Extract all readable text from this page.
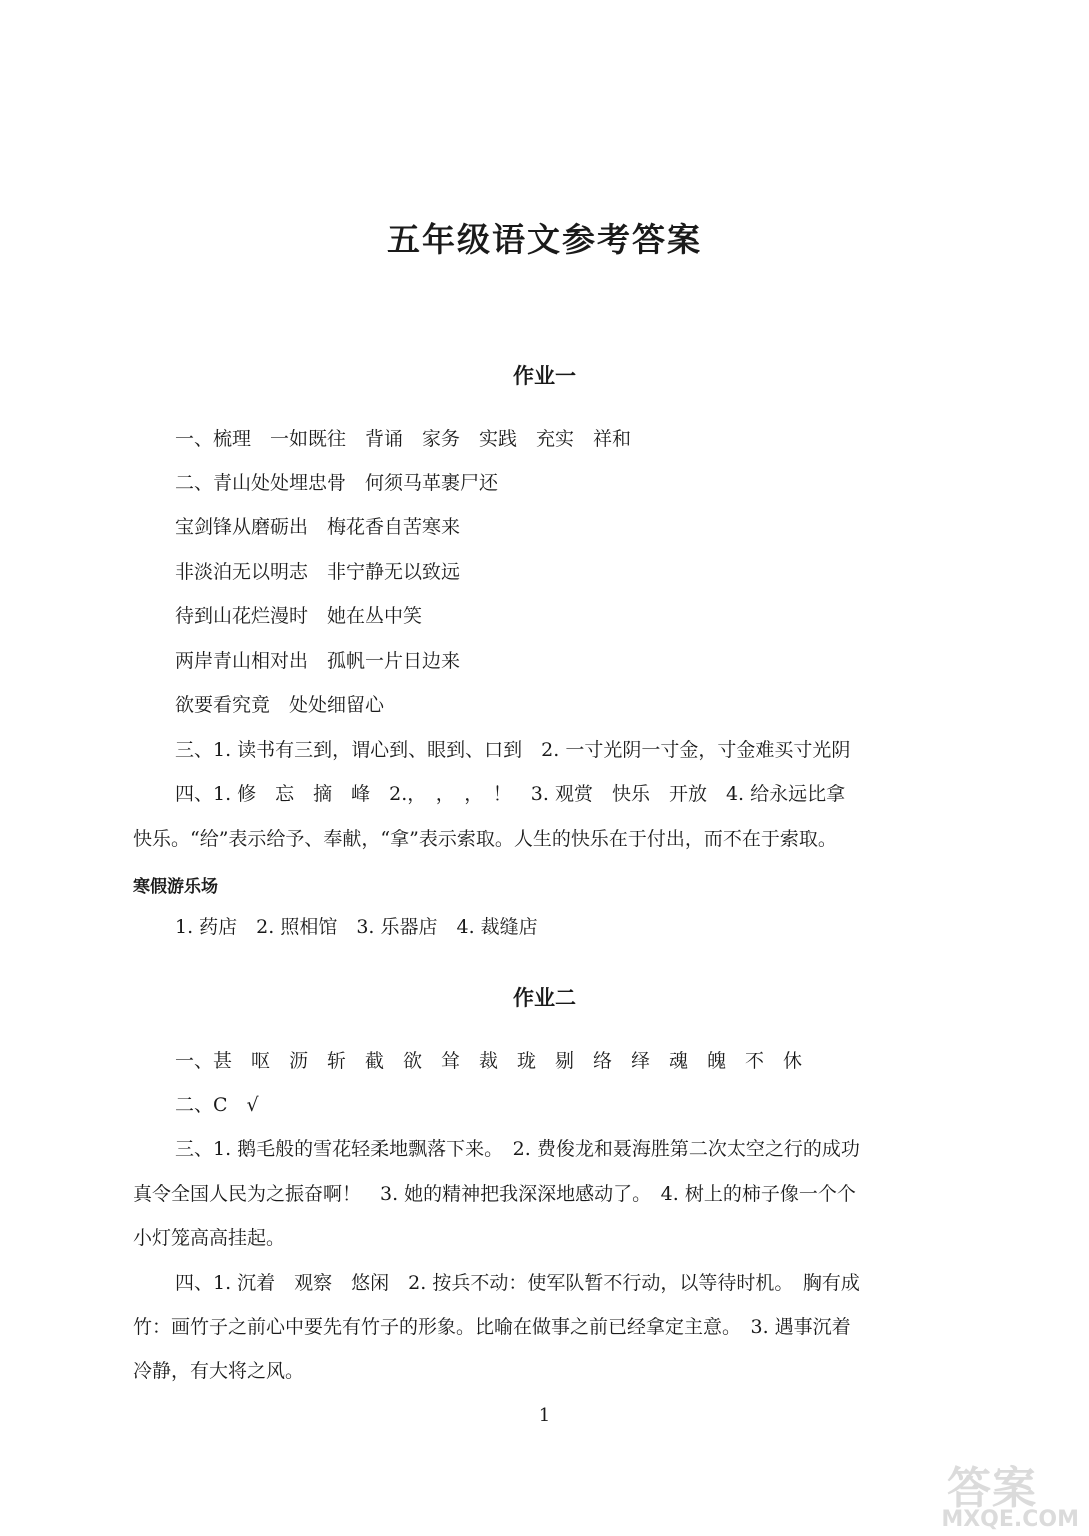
五年级语文参考答案
作业一
一、梳理　一如既往　背诵　家务　实践　充实　祥和
二、青山处处埋忠骨　何须马革裹尸还
宝剑锋从磨砺出　梅花香自苦寒来
非淡泊无以明志　非宁静无以致远
待到山花烂漫时　她在丛中笑
两岸青山相对出　孤帆一片日边来
欲要看究竟　处处细留心
三、1. 读书有三到，谓心到、眼到、口到　2. 一寸光阴一寸金，寸金难买寸光阴
四、1. 修　忘　摘　峰　2.，　，　，　！　3. 观赏　快乐　开放　4. 给永远比拿
快乐。“给”表示给予、奉献，“拿”表示索取。人生的快乐在于付出，而不在于索取。
寒假游乐场
1. 药店　2. 照相馆　3. 乐器店　4. 裁缝店
作业二
一、甚　呕　沥　斩　截　欲　耸　裁　珑　剔　络　绎　魂　魄　不　休
二、C　√
三、1. 鹅毛般的雪花轻柔地飘落下来。　2. 费俊龙和聂海胜第二次太空之行的成功
真令全国人民为之振奋啊！　3. 她的精神把我深深地感动了。　4. 树上的柿子像一个个
小灯笼高高挂起。
四、1. 沉着　观察　悠闲　2. 按兵不动：使军队暂不行动，以等待时机。　胸有成
竹：画竹子之前心中要先有竹子的形象。比喻在做事之前已经拿定主意。　3. 遇事沉着
冷静，有大将之风。
1
答案
MXQE.COM
